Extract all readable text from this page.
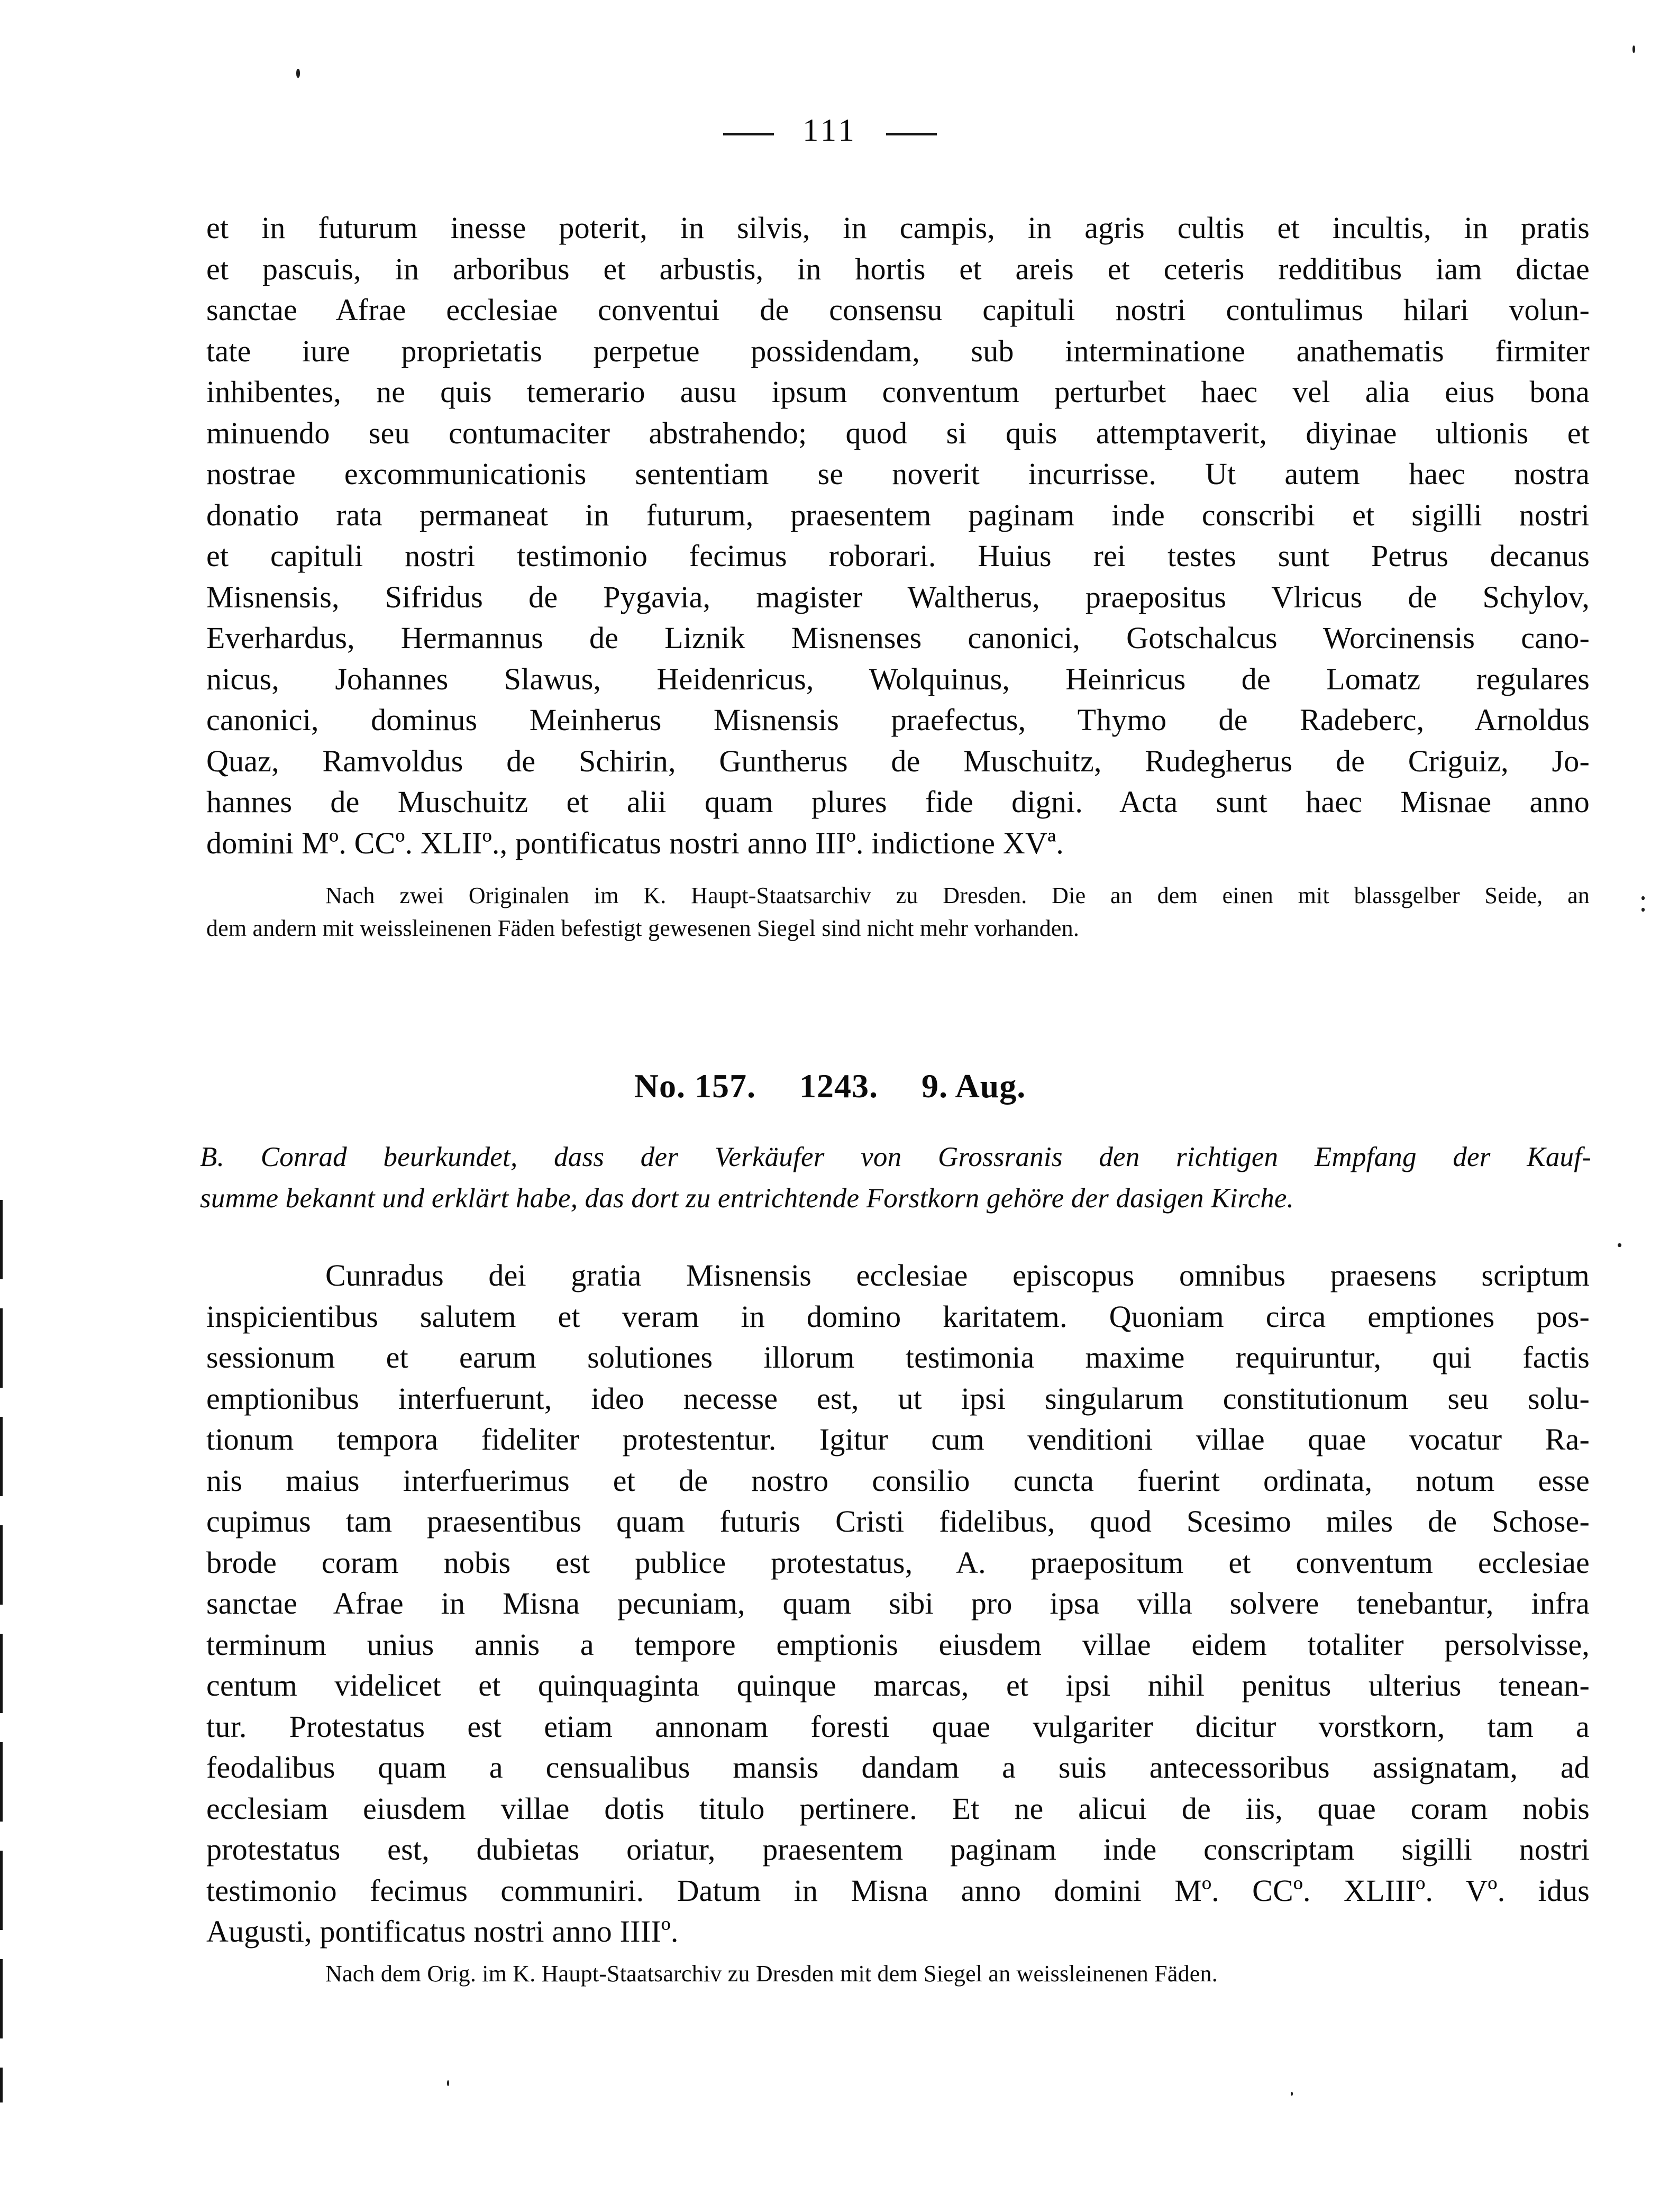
111
et in futurum inesse poterit, in silvis, in campis, in agris cultis et incultis, in pratis
et pascuis, in arboribus et arbustis, in hortis et areis et ceteris redditibus iam dictae
sanctae Afrae ecclesiae conventui de consensu capituli nostri contulimus hilari volun-
tate iure proprietatis perpetue possidendam, sub interminatione anathematis firmiter
inhibentes, ne quis temerario ausu ipsum conventum perturbet haec vel alia eius bona
minuendo seu contumaciter abstrahendo; quod si quis attemptaverit, diyinae ultionis et
nostrae excommunicationis sententiam se noverit incurrisse. Ut autem haec nostra
donatio rata permaneat in futurum, praesentem paginam inde conscribi et sigilli nostri
et capituli nostri testimonio fecimus roborari. Huius rei testes sunt Petrus decanus
Misnensis, Sifridus de Pygavia, magister Waltherus, praepositus Vlricus de Schylov,
Everhardus, Hermannus de Liznik Misnenses canonici, Gotschalcus Worcinensis cano-
nicus, Johannes Slawus, Heidenricus, Wolquinus, Heinricus de Lomatz regulares
canonici, dominus Meinherus Misnensis praefectus, Thymo de Radeberc, Arnoldus
Quaz, Ramvoldus de Schirin, Guntherus de Muschuitz, Rudegherus de Criguiz, Jo-
hannes de Muschuitz et alii quam plures fide digni. Acta sunt haec Misnae anno
domini Mº. CCº. XLIIº., pontificatus nostri anno IIIº. indictione XVª.
Nach zwei Originalen im K. Haupt-Staatsarchiv zu Dresden. Die an dem einen mit blassgelber Seide, an
dem andern mit weissleinenen Fäden befestigt gewesenen Siegel sind nicht mehr vorhanden.
No. 157.  1243.  9. Aug.
B. Conrad beurkundet, dass der Verkäufer von Grossranis den richtigen Empfang der Kauf-
summe bekannt und erklärt habe, das dort zu entrichtende Forstkorn gehöre der dasigen Kirche.
Cunradus dei gratia Misnensis ecclesiae episcopus omnibus praesens scriptum
inspicientibus salutem et veram in domino karitatem. Quoniam circa emptiones pos-
sessionum et earum solutiones illorum testimonia maxime requiruntur, qui factis
emptionibus interfuerunt, ideo necesse est, ut ipsi singularum constitutionum seu solu-
tionum tempora fideliter protestentur. Igitur cum venditioni villae quae vocatur Ra-
nis maius interfuerimus et de nostro consilio cuncta fuerint ordinata, notum esse
cupimus tam praesentibus quam futuris Cristi fidelibus, quod Scesimo miles de Schose-
brode coram nobis est publice protestatus, A. praepositum et conventum ecclesiae
sanctae Afrae in Misna pecuniam, quam sibi pro ipsa villa solvere tenebantur, infra
terminum unius annis a tempore emptionis eiusdem villae eidem totaliter persolvisse,
centum videlicet et quinquaginta quinque marcas, et ipsi nihil penitus ulterius tenean-
tur. Protestatus est etiam annonam foresti quae vulgariter dicitur vorstkorn, tam a
feodalibus quam a censualibus mansis dandam a suis antecessoribus assignatam, ad
ecclesiam eiusdem villae dotis titulo pertinere. Et ne alicui de iis, quae coram nobis
protestatus est, dubietas oriatur, praesentem paginam inde conscriptam sigilli nostri
testimonio fecimus communiri. Datum in Misna anno domini Mº. CCº. XLIIIº. Vº. idus
Augusti, pontificatus nostri anno IIIIº.
Nach dem Orig. im K. Haupt-Staatsarchiv zu Dresden mit dem Siegel an weissleinenen Fäden.
